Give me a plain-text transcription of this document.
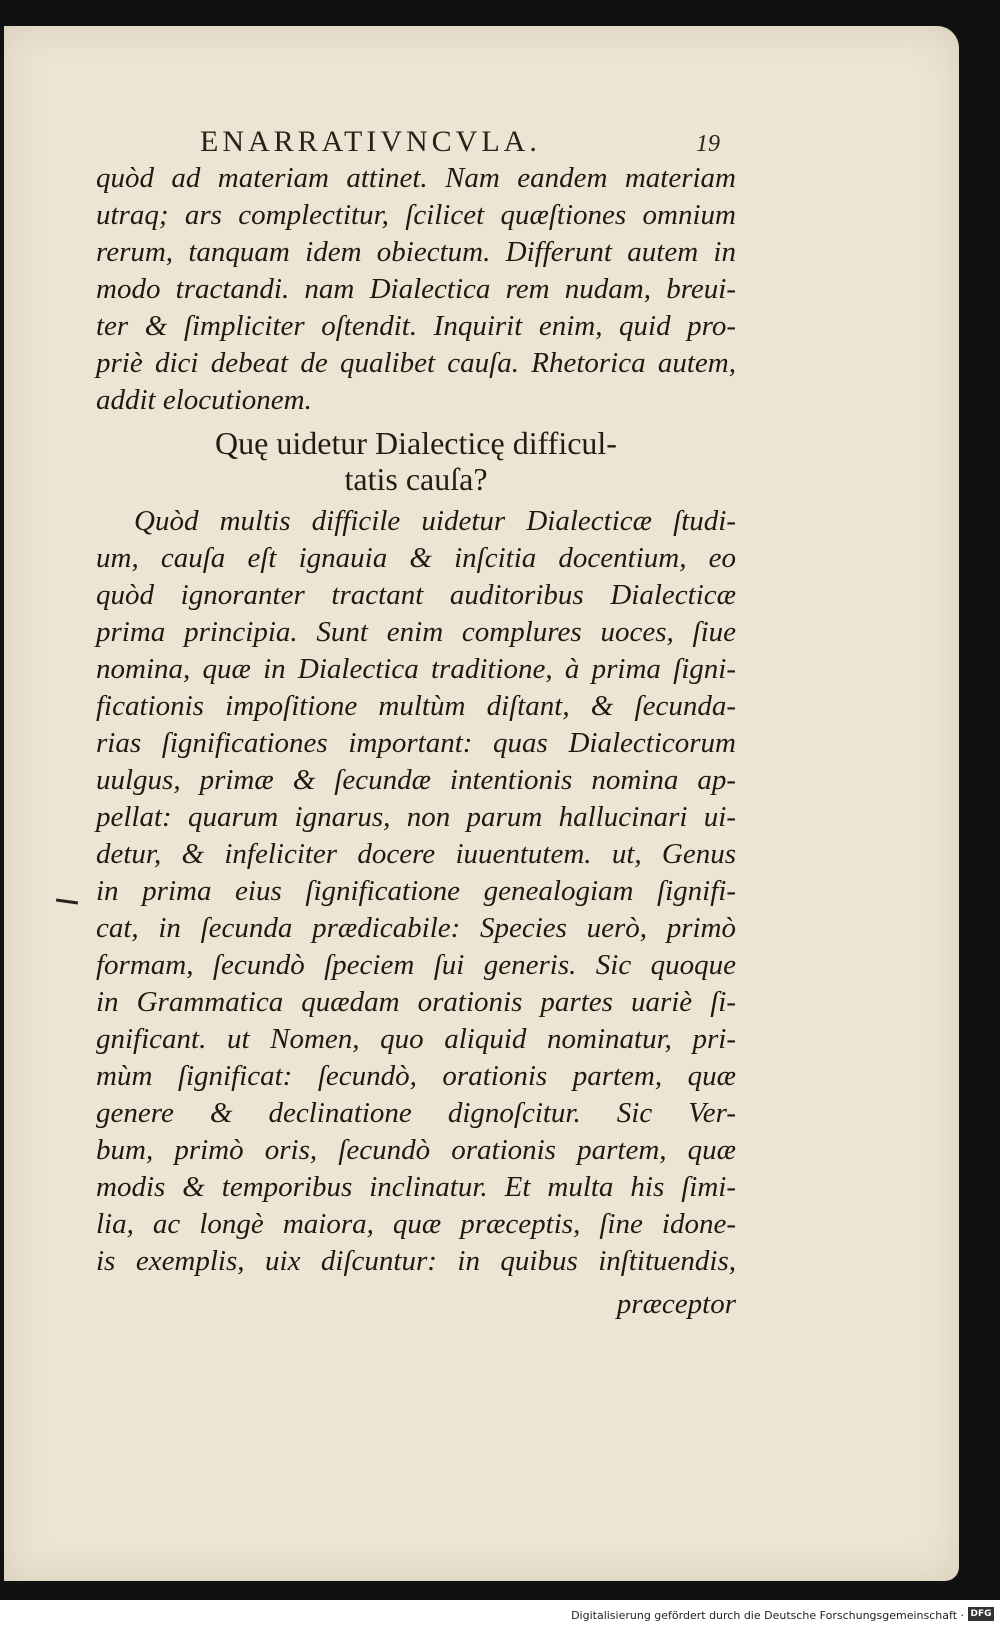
ENARRATIVNCVLA.	19
quòd ad materiam attinet. Nam eandem materiam
utraq; ars complectitur, ſcilicet quæſtiones omnium
rerum, tanquam idem obiectum. Differunt autem in
modo tractandi. nam Dialectica rem nudam, breui-
ter & ſimpliciter oſtendit. Inquirit enim, quid pro-
priè dici debeat de qualibet cauſa. Rhetorica autem,
addit elocutionem.
Quę uidetur Dialecticę difficul-
tatis cauſa?
Quòd multis difficile uidetur Dialecticæ ſtudi-
um, cauſa eſt ignauia & inſcitia docentium, eo
quòd ignoranter tractant auditoribus Dialecticæ
prima principia. Sunt enim complures uoces, ſiue
nomina, quæ in Dialectica traditione, à prima ſigni-
ficationis impoſitione multùm diſtant, & ſecunda-
rias ſignificationes important: quas Dialecticorum
uulgus, primæ & ſecundæ intentionis nomina ap-
pellat: quarum ignarus, non parum hallucinari ui-
detur, & infeliciter docere iuuentutem. ut, Genus
in prima eius ſignificatione genealogiam ſignifi-
cat, in ſecunda prædicabile: Species uerò, primò
formam, ſecundò ſpeciem ſui generis. Sic quoque
in Grammatica quædam orationis partes uariè ſi-
gnificant. ut Nomen, quo aliquid nominatur, pri-
mùm ſignificat: ſecundò, orationis partem, quæ
genere & declinatione dignoſcitur. Sic Ver-
bum, primò oris, ſecundò orationis partem, quæ
modis & temporibus inclinatur. Et multa his ſimi-
lia, ac longè maiora, quæ præceptis, ſine idone-
is exemplis, uix diſcuntur: in quibus inſtituendis,
præceptor
Digitalisierung gefördert durch die Deutsche Forschungsgemeinschaft · DFG
